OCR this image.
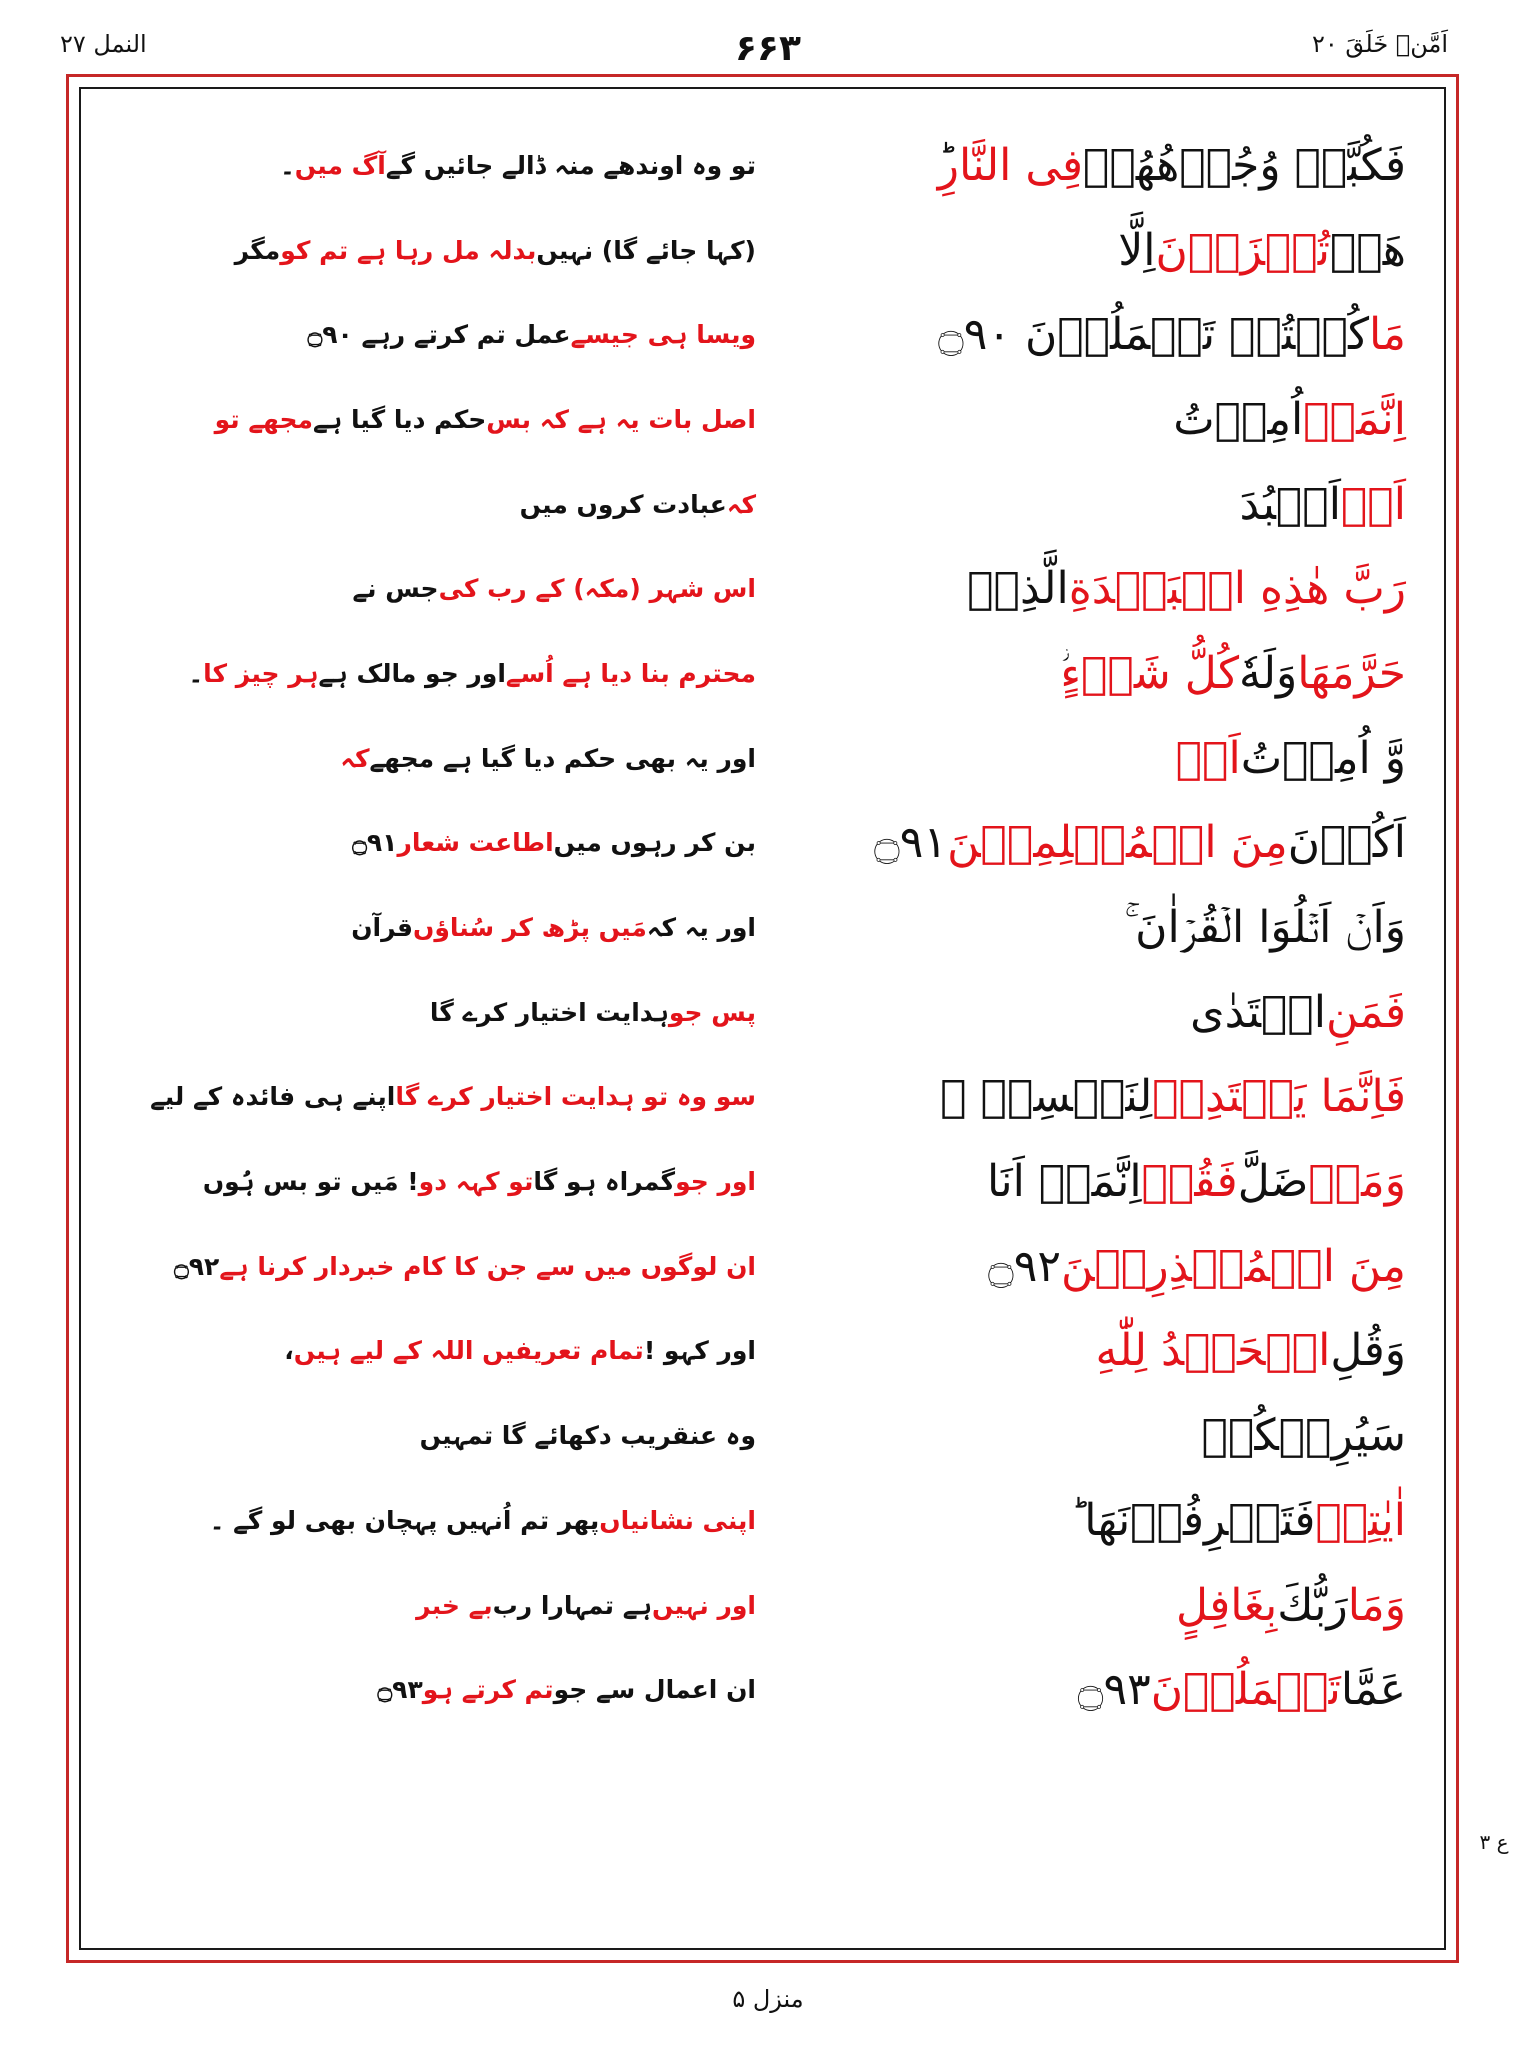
اَمَّنۡ خَلَقَ ۲۰
۶۶۳
النمل ۲۷
فَكُبَّتۡ وُجُوۡهُهُمۡ
فِى النَّارِ
تو وہ اوندھے منہ ڈالے جائیں گے
آگ میں
۔
هَلۡ
تُجۡزَوۡنَ
اِلَّا
(کہا جائے گا) نہیں
بدلہ مل رہا ہے تم کو
مگر
مَا
كُنۡتُمۡ تَعۡمَلُوۡنَ ۝٩٠
ویسا ہی جیسے
عمل تم کرتے رہے ۝٩٠
اِنَّمَاۤ
اُمِرۡتُ
اصل بات یہ ہے کہ بس
حکم دیا گیا ہے
مجھے تو
اَنۡ
اَعۡبُدَ
کہ
عبادت کروں میں
رَبَّ هٰذِهِ الۡبَلۡدَةِ
الَّذِىۡ
اس شہر (مکہ) کے رب کی
جس نے
حَرَّمَهَا
وَلَهٗ
كُلُّ شَىۡءٍ
محترم بنا دیا ہے اُسے
اور جو مالک ہے
ہر چیز کا
۔
وَّ اُمِرۡتُ
اَنۡ
اور یہ بھی حکم دیا گیا ہے مجھے
کہ
اَكُوۡنَ
مِنَ الۡمُسۡلِمِيۡنَ
۝٩١
بن کر رہوں میں
اطاعت شعار
۝٩١
وَاَنۡ اَتۡلُوَا الۡقُرۡاٰنَ ۚ
اور یہ کہ
مَیں پڑھ کر سُناؤں
قرآن
فَمَنِ
اهۡتَدٰى
پس جو
ہدایت اختیار کرے گا
فَاِنَّمَا يَهۡتَدِىۡ
لِنَفۡسِهٖ ۚ
سو وہ تو ہدایت اختیار کرے گا
اپنے ہی فائدہ کے لیے
وَمَنۡ
ضَلَّ
فَقُلۡ
اِنَّمَاۤ اَنَا
اور جو
گمراہ ہو گا
تو کہہ دو
! مَیں تو بس ہُوں
مِنَ الۡمُنۡذِرِيۡنَ
۝٩٢
ان لوگوں میں سے جن کا کام خبردار کرنا ہے
۝٩٢
وَقُلِ
الۡحَمۡدُ لِلّٰهِ
اور کہو !
تمام تعریفیں اللہ کے لیے ہیں
،
سَيُرِيۡكُمۡ
وہ عنقریب دکھائے گا تمہیں
اٰيٰتِهٖ
فَتَعۡرِفُوۡنَهَا ؕ
اپنی نشانیاں
پھر تم اُنہیں پہچان بھی لو گے ۔
وَمَا
رَبُّكَ
بِغَافِلٍ
اور نہیں
ہے تمہارا رب
بے خبر
عَمَّا
تَعۡمَلُوۡنَ
۝٩٣
ان اعمال سے جو
تم کرتے ہو
۝٩٣
ع ۳
منزل ۵
